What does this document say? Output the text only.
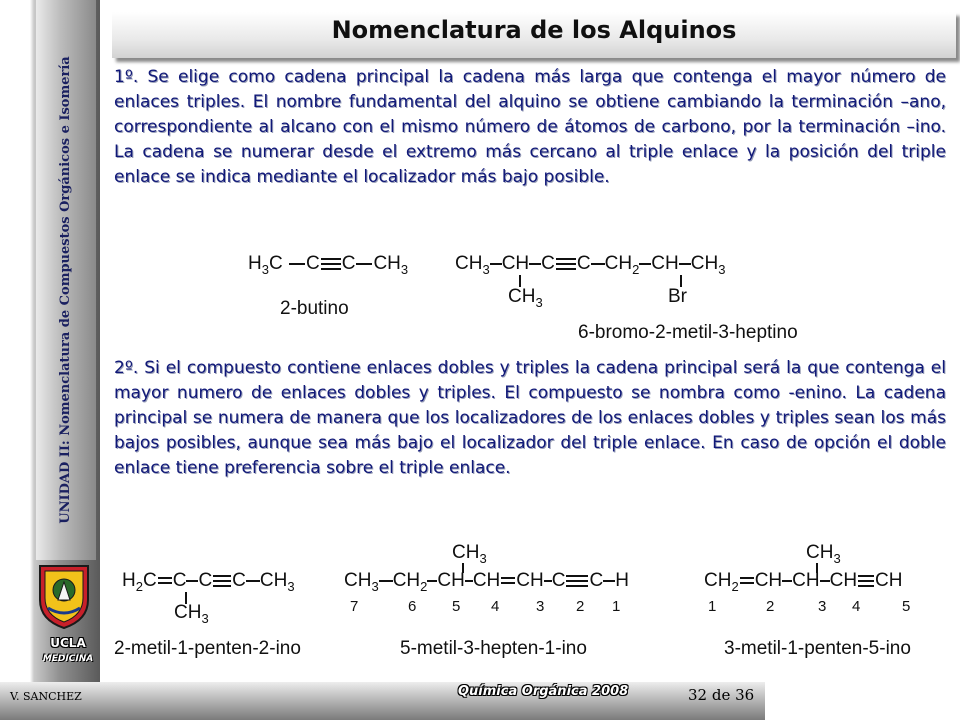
UNIDAD II: Nomenclatura de Compuestos Orgánicos e Isomería
UCLA
MEDICINA
Nomenclatura de los Alquinos
1º. Se elige como cadena principal la cadena más larga que contenga el mayor número de enlaces triples. El nombre fundamental del alquino se obtiene cambiando la terminación –ano, correspondiente al alcano con el mismo número de átomos de carbono, por la terminación –ino. La cadena se numerar desde el extremo más cercano al triple enlace y la posición del triple enlace se indica mediante el localizador más bajo posible.
$H_3C$ C C $CH_3$
2-butino
$CH_3$ CH C C $CH_2$ CH $CH_3$
$CH_3$	Br
6-bromo-2-metil-3-heptino
2º. Si el compuesto contiene enlaces dobles y triples la cadena principal será la que contenga el mayor numero de enlaces dobles y triples. El compuesto se nombra como -enino. La cadena principal se numera de manera que los localizadores de los enlaces dobles y triples sean los más bajos posibles, aunque sea más bajo el localizador del triple enlace. En caso de opción el doble enlace tiene preferencia sobre el triple enlace.
$H_2C$ C C C $CH_3$
$CH_3$
2-metil-1-penten-2-ino
$CH_3$
$CH_3$ $CH_2$ CH CH CH C C H
7	6 5 4 3 2 1
5-metil-3-hepten-1-ino
$CH_3$
$CH_2$ CH CH CH CH
1	2	3 4	5
3-metil-1-penten-5-ino
V. SANCHEZ	Química Orgánica 2008	32 de 36
